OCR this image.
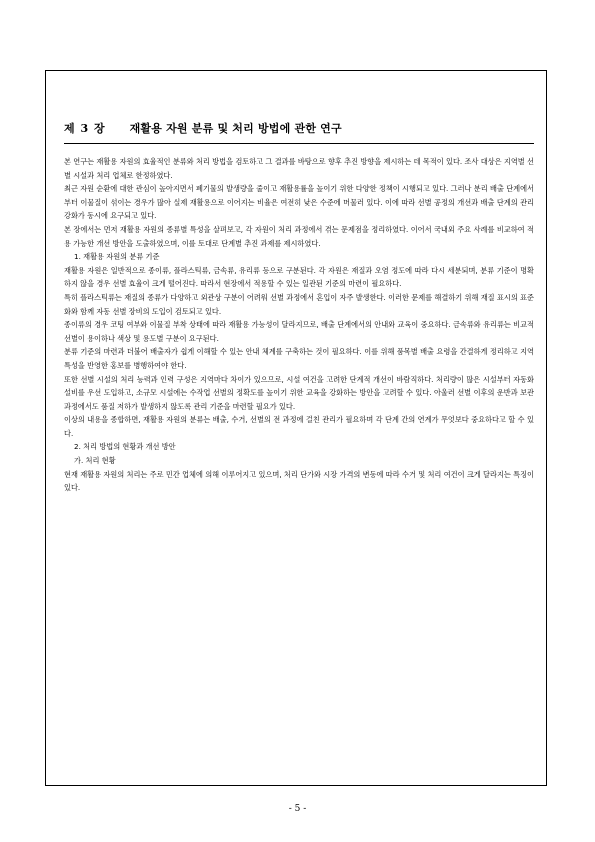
제 3 장 재활용 자원 분류 및 처리 방법에 관한 연구

본 연구는 재활용 자원의 효율적인 분류와 처리 방법을 검토하고 그 결과를 바탕으로 향후 추진 방향을 제시하는 데 목적이 있다. 조사 대상은 지역별 선별 시설과 처리 업체로 한정하였다.

최근 자원 순환에 대한 관심이 높아지면서 폐기물의 발생량을 줄이고 재활용률을 높이기 위한 다양한 정책이 시행되고 있다. 그러나 분리 배출 단계에서부터 이물질이 섞이는 경우가 많아 실제 재활용으로 이어지는 비율은 여전히 낮은 수준에 머물러 있다. 이에 따라 선별 공정의 개선과 배출 단계의 관리 강화가 동시에 요구되고 있다.

본 장에서는 먼저 재활용 자원의 종류별 특성을 살펴보고, 각 자원이 처리 과정에서 겪는 문제점을 정리하였다. 이어서 국내외 주요 사례를 비교하여 적용 가능한 개선 방안을 도출하였으며, 이를 토대로 단계별 추진 과제를 제시하였다.

1. 재활용 자원의 분류 기준

재활용 자원은 일반적으로 종이류, 플라스틱류, 금속류, 유리류 등으로 구분된다. 각 자원은 재질과 오염 정도에 따라 다시 세분되며, 분류 기준이 명확하지 않을 경우 선별 효율이 크게 떨어진다. 따라서 현장에서 적용할 수 있는 일관된 기준의 마련이 필요하다.

특히 플라스틱류는 재질의 종류가 다양하고 외관상 구분이 어려워 선별 과정에서 혼입이 자주 발생한다. 이러한 문제를 해결하기 위해 재질 표시의 표준화와 함께 자동 선별 장비의 도입이 검토되고 있다.

종이류의 경우 코팅 여부와 이물질 부착 상태에 따라 재활용 가능성이 달라지므로, 배출 단계에서의 안내와 교육이 중요하다. 금속류와 유리류는 비교적 선별이 용이하나 색상 및 용도별 구분이 요구된다.

분류 기준의 마련과 더불어 배출자가 쉽게 이해할 수 있는 안내 체계를 구축하는 것이 필요하다. 이를 위해 품목별 배출 요령을 간결하게 정리하고 지역 특성을 반영한 홍보를 병행하여야 한다.

또한 선별 시설의 처리 능력과 인력 구성은 지역마다 차이가 있으므로, 시설 여건을 고려한 단계적 개선이 바람직하다. 처리량이 많은 시설부터 자동화 설비를 우선 도입하고, 소규모 시설에는 수작업 선별의 정확도를 높이기 위한 교육을 강화하는 방안을 고려할 수 있다. 아울러 선별 이후의 운반과 보관 과정에서도 품질 저하가 발생하지 않도록 관리 기준을 마련할 필요가 있다.

이상의 내용을 종합하면, 재활용 자원의 분류는 배출, 수거, 선별의 전 과정에 걸친 관리가 필요하며 각 단계 간의 연계가 무엇보다 중요하다고 할 수 있다.

2. 처리 방법의 현황과 개선 방안

가. 처리 현황

현재 재활용 자원의 처리는 주로 민간 업체에 의해 이루어지고 있으며, 처리 단가와 시장 가격의 변동에 따라 수거 및 처리 여건이 크게 달라지는 특징이 있다.

- 5 -
